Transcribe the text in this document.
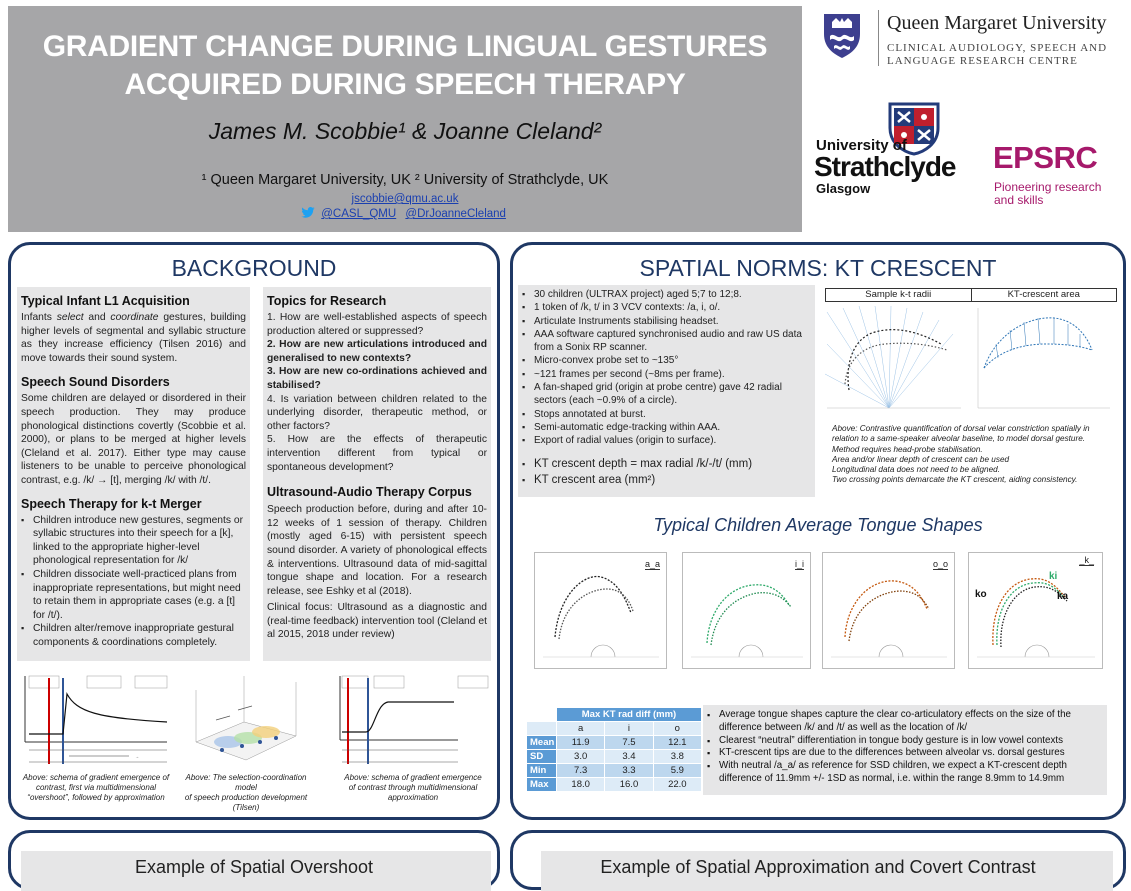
GRADIENT CHANGE DURING LINGUAL GESTURES
ACQUIRED DURING SPEECH THERAPY
James M. Scobbie¹ & Joanne Cleland²
¹ Queen Margaret University, UK ² University of Strathclyde, UK
jscobbie@qmu.ac.uk
@CASL_QMU @DrJoanneCleland
Queen Margaret University
CLINICAL AUDIOLOGY, SPEECH AND
LANGUAGE RESEARCH CENTRE
University of
Strathclyde
Glasgow
EPSRC
Pioneering research
and skills
BACKGROUND
Typical Infant L1 Acquisition
Infants select and coordinate gestures, building higher levels of segmental and syllabic structure as they increase efficiency (Tilsen 2016) and move towards their sound system.
Speech Sound Disorders
Some children are delayed or disordered in their speech production. They may produce phonological distinctions covertly (Scobbie et al. 2000), or plans to be merged at higher levels (Cleland et al. 2017). Either type may cause listeners to be unable to perceive phonological contrast, e.g. /k/ → [t], merging /k/ with /t/.
Speech Therapy for k-t Merger
▪ Children introduce new gestures, segments or syllabic structures into their speech for a [k], linked to the appropriate higher-level phonological representation for /k/
▪ Children dissociate well-practiced plans from inappropriate representations, but might need to retain them in appropriate cases (e.g. a [t] for /t/).
▪ Children alter/remove inappropriate gestural components & coordinations completely.
Topics for Research
1. How are well-established aspects of speech production altered or suppressed?
2. How are new articulations introduced and generalised to new contexts?
3. How are new co-ordinations achieved and stabilised?
4. Is variation between children related to the underlying disorder, therapeutic method, or other factors?
5. How are the effects of therapeutic intervention different from typical or spontaneous development?
Ultrasound-Audio Therapy Corpus
Speech production before, during and after 10-12 weeks of 1 session of therapy. Children (mostly aged 6-15) with persistent speech sound disorder. A variety of phonological effects & interventions. Ultrasound data of mid-sagittal tongue shape and location. For a research release, see Eshky et al (2018).
Clinical focus: Ultrasound as a diagnostic and (real-time feedback) intervention tool (Cleland et al 2015, 2018 under review)
→
Above: schema of gradient emergence of
contrast, first via multidimensional
“overshoot”, followed by approximation
Above: The selection-coordination model
of speech production development (Tilsen)
Above: schema of gradient emergence
of contrast through multidimensional
approximation
SPATIAL NORMS: KT CRESCENT
▪ 30 children (ULTRAX project) aged 5;7 to 12;8.
▪ 1 token of /k, t/ in 3 VCV contexts: /a, i, o/.
▪ Articulate Instruments stabilising headset.
▪ AAA software captured synchronised audio and raw US data from a Sonix RP scanner.
▪ Micro-convex probe set to ~135°
▪ ~121 frames per second (~8ms per frame).
▪ A fan-shaped grid (origin at probe centre) gave 42 radial sectors (each ~0.9% of a circle).
▪ Stops annotated at burst.
▪ Semi-automatic edge-tracking within AAA.
▪ Export of radial values (origin to surface).
▪ KT crescent depth = max radial /k/-/t/ (mm)
▪ KT crescent area (mm²)
Sample k-t radii	KT-crescent area
Above: Contrastive quantification of dorsal velar constriction spatially in relation to a same-speaker alveolar baseline, to model dorsal gesture.
Method requires head-probe stabilisation.
Area and/or linear depth of crescent can be used
Longitudinal data does not need to be aligned.
Two crossing points demarcate the KT crescent, aiding consistency.
Typical Children Average Tongue Shapes
a_a	i_i	o_o	_k_
ko
ki
ka
	Max KT rad diff (mm)		
	a	i	o
Mean	11.9	7.5	12.1
SD	3.0	3.4	3.8
Min	7.3	3.3	5.9
Max	18.0	16.0	22.0
▪ Average tongue shapes capture the clear co-articulatory effects on the size of the difference between /k/ and /t/ as well as the location of /k/
▪ Clearest “neutral” differentiation in tongue body gesture is in low vowel contexts
▪ KT-crescent tips are due to the differences between alveolar vs. dorsal gestures
▪ With neutral /a_a/ as reference for SSD children, we expect a KT-crescent depth difference of 11.9mm +/- 1SD as normal, i.e. within the range 8.9mm to 14.9mm
Example of Spatial Overshoot	Example of Spatial Approximation and Covert Contrast
